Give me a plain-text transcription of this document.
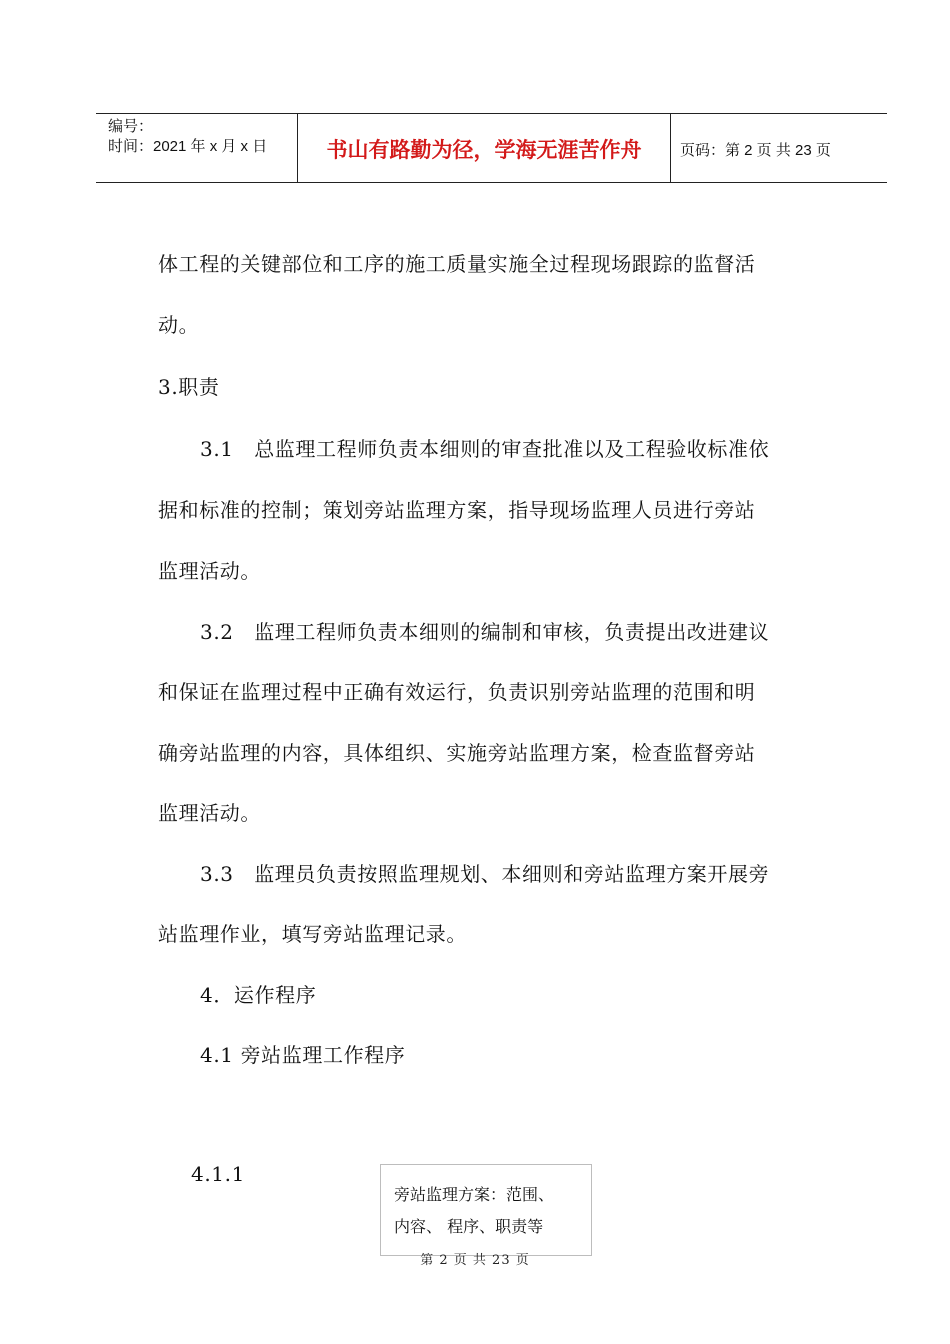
编号：
时间：2021 年 x 月 x 日	书山有路勤为径，学海无涯苦作舟	页码：第 2 页 共 23 页
体工程的关键部位和工序的施工质量实施全过程现场跟踪的监督活
动。
3.职责
3.1　总监理工程师负责本细则的审查批准以及工程验收标准依
据和标准的控制；策划旁站监理方案，指导现场监理人员进行旁站
监理活动。
3.2　监理工程师负责本细则的编制和审核，负责提出改进建议
和保证在监理过程中正确有效运行，负责识别旁站监理的范围和明
确旁站监理的内容，具体组织、实施旁站监理方案，检查监督旁站
监理活动。
3.3　监理员负责按照监理规划、本细则和旁站监理方案开展旁
站监理作业，填写旁站监理记录。
4．运作程序
4.1 旁站监理工作程序
4.1.1
旁站监理方案：范围、
内容、 程序、职责等
第 2 页 共 23 页
